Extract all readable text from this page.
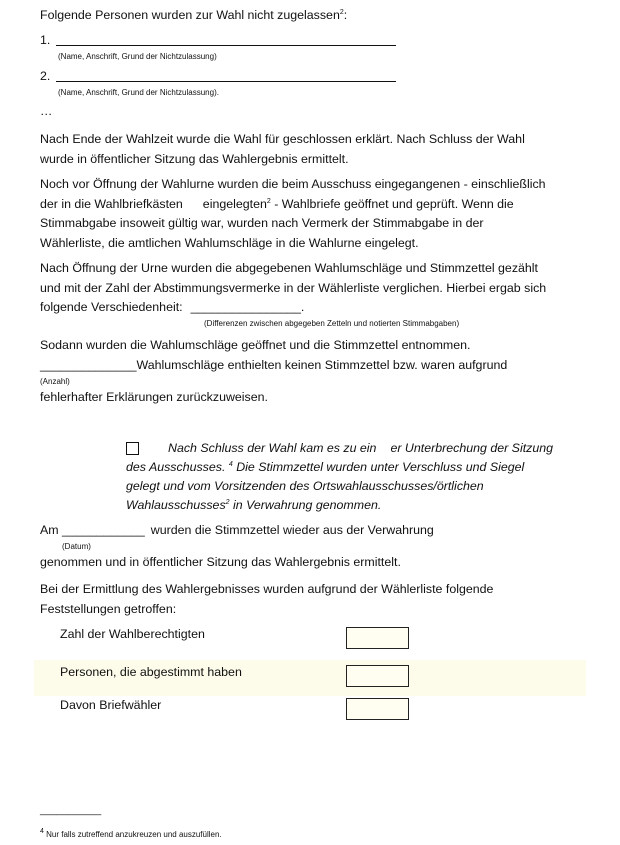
Folgende Personen wurden zur Wahl nicht zugelassen$^2$:
1.
(Name, Anschrift, Grund der Nichtzulassung)
2.
(Name, Anschrift, Grund der Nichtzulassung).
…
Nach Ende der Wahlzeit wurde die Wahl für geschlossen erklärt. Nach Schluss der Wahl
wurde in öffentlicher Sitzung das Wahlergebnis ermittelt.
Noch vor Öffnung der Wahlurne wurden die beim Ausschuss eingegangenen - einschließlich
der in die Wahlbriefkästen eingelegten$^2$ - Wahlbriefe geöffnet und geprüft. Wenn die
Stimmabgabe insoweit gültig war, wurden nach Vermerk der Stimmabgabe in der
Wählerliste, die amtlichen Wahlumschläge in die Wahlurne eingelegt.
Nach Öffnung der Urne wurden die abgegebenen Wahlumschläge und Stimmzettel gezählt
und mit der Zahl der Abstimmungsvermerke in der Wählerliste verglichen. Hierbei ergab sich
folgende Verschiedenheit: ________________.
(Differenzen zwischen abgegeben Zetteln und notierten Stimmabgaben)
Sodann wurden die Wahlumschläge geöffnet und die Stimmzettel entnommen.
______________Wahlumschläge enthielten keinen Stimmzettel bzw. waren aufgrund
(Anzahl)
fehlerhafter Erklärungen zurückzuweisen.
Nach Schluss der Wahl kam es zu ein er Unterbrechung der Sitzung
des Ausschusses. $^4$ Die Stimmzettel wurden unter Verschluss und Siegel
gelegt und vom Vorsitzenden des Ortswahlausschusses/örtlichen
Wahlausschusses$^2$ in Verwahrung genommen.
Am ____________ wurden die Stimmzettel wieder aus der Verwahrung
(Datum)
genommen und in öffentlicher Sitzung das Wahlergebnis ermittelt.
Bei der Ermittlung des Wahlergebnisses wurden aufgrund der Wählerliste folgende
Feststellungen getroffen:
Zahl der Wahlberechtigten
Personen, die abgestimmt haben
Davon Briefwähler
___________
$^4$ Nur falls zutreffend anzukreuzen und auszufüllen.
